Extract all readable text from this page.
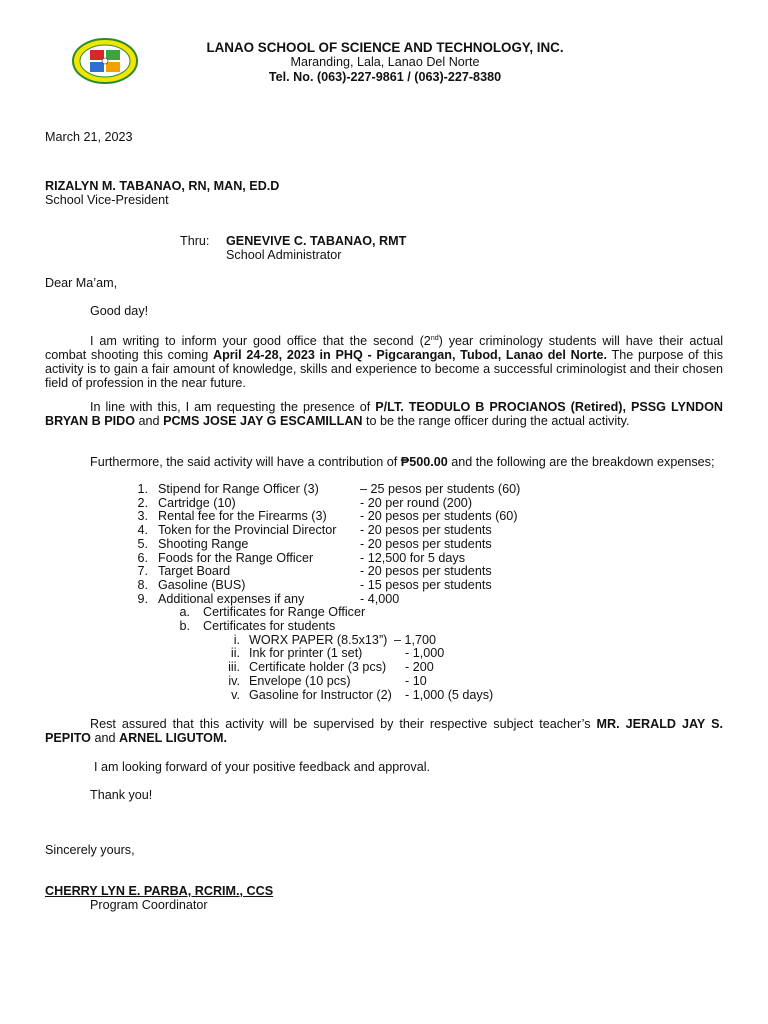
LANAO SCHOOL OF SCIENCE AND TECHNOLOGY, INC.
Maranding, Lala, Lanao Del Norte
Tel. No. (063)-227-9861 / (063)-227-8380
March 21, 2023
RIZALYN M. TABANAO, RN, MAN, ED.D
School Vice-President
Thru: GENEVIVE C. TABANAO, RMT
School Administrator
Dear Ma’am,
Good day!
I am writing to inform your good office that the second (2nd) year criminology students will have their actual combat shooting this coming April 24-28, 2023 in PHQ - Pigcarangan, Tubod, Lanao del Norte. The purpose of this activity is to gain a fair amount of knowledge, skills and experience to become a successful criminologist and their chosen field of profession in the near future.
In line with this, I am requesting the presence of P/LT. TEODULO B PROCIANOS (Retired), PSSG LYNDON BRYAN B PIDO and PCMS JOSE JAY G ESCAMILLAN to be the range officer during the actual activity.
Furthermore, the said activity will have a contribution of ₱500.00 and the following are the breakdown expenses;
1. Stipend for Range Officer (3)	– 25 pesos per students (60)
2. Cartridge (10)	- 20 per round (200)
3. Rental fee for the Firearms (3)	- 20 pesos per students (60)
4. Token for the Provincial Director - 20 pesos per students
5. Shooting Range	- 20 pesos per students
6. Foods for the Range Officer	- 12,500 for 5 days
7. Target Board	- 20 pesos per students
8. Gasoline (BUS)	- 15 pesos per students
9. Additional expenses if any	- 4,000
a. Certificates for Range Officer
b. Certificates for students
i. WORX PAPER (8.5x13”) – 1,700
ii. Ink for printer (1 set)	- 1,000
iii. Certificate holder (3 pcs) - 200
iv. Envelope (10 pcs)	- 10
v. Gasoline for Instructor (2) - 1,000 (5 days)
Rest assured that this activity will be supervised by their respective subject teacher’s MR. JERALD JAY S. PEPITO and ARNEL LIGUTOM.
I am looking forward of your positive feedback and approval.
Thank you!
Sincerely yours,
CHERRY LYN E. PARBA, RCRIM., CCS
Program Coordinator
